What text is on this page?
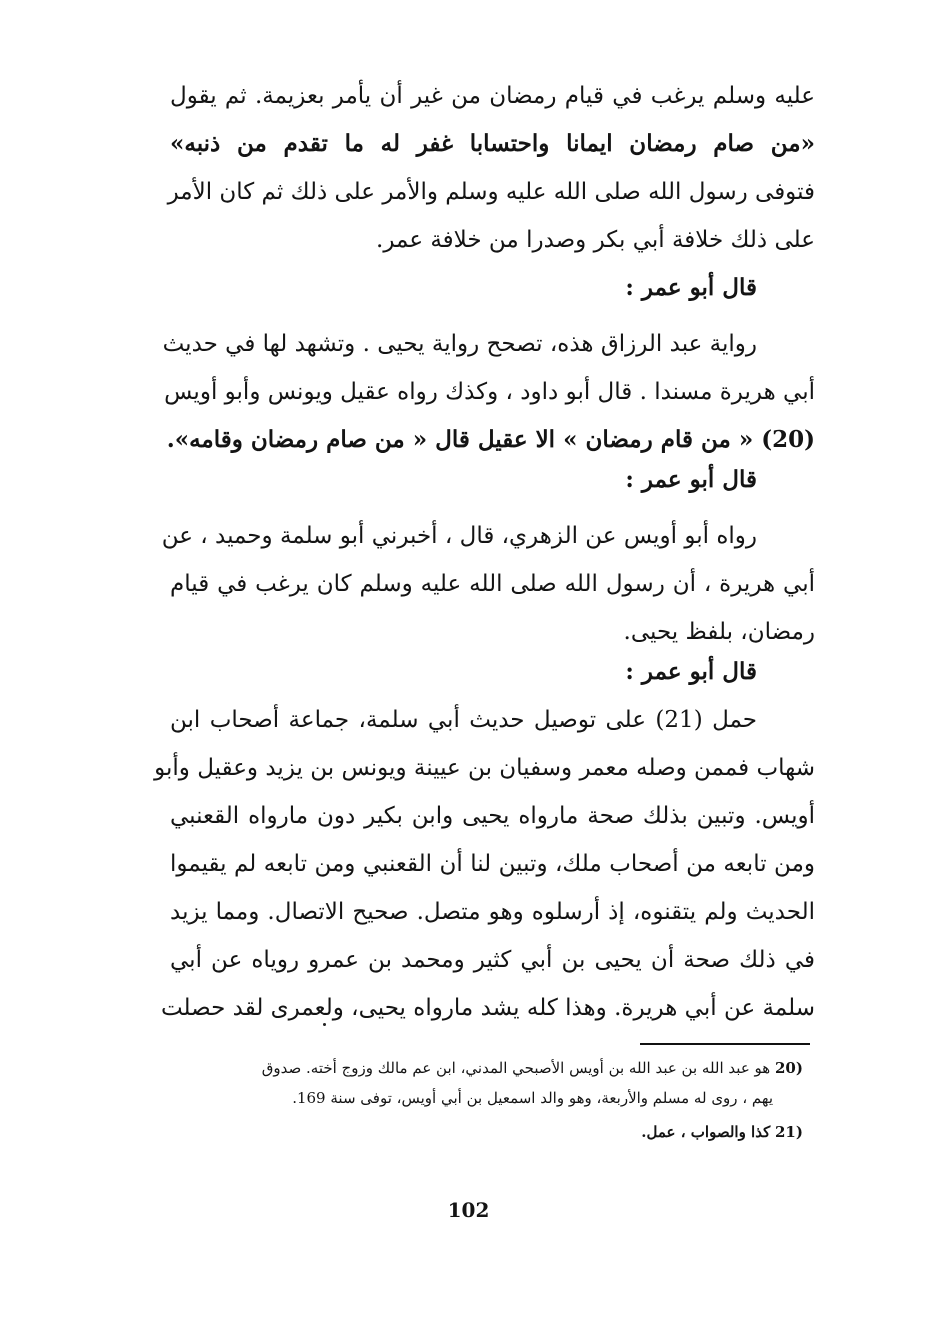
عليه وسلم يرغب في قيام رمضان من غير أن يأمر بعزيمة. ثم يقول
«من صام رمضان ايمانا واحتسابا غفر له ما تقدم من ذنبه»
فتوفى رسول الله صلى الله عليه وسلم والأمر على ذلك ثم كان الأمر
على ذلك خلافة أبي بكر وصدرا من خلافة عمر.
قال أبو عمر :
رواية عبد الرزاق هذه، تصحح رواية يحيى . وتشهد لها في حديث
أبي هريرة مسندا . قال أبو داود ، وكذك رواه عقيل ويونس وأبو أويس
(20) « من قام رمضان » الا عقيل قال « من صام رمضان وقامه».
قال أبو عمر :
رواه أبو أويس عن الزهري، قال ، أخبرني أبو سلمة وحميد ، عن
أبي هريرة ، أن رسول الله صلى الله عليه وسلم كان يرغب في قيام
رمضان، بلفظ يحيى.
قال أبو عمر :
حمل (21) على توصيل حديث أبي سلمة، جماعة أصحاب ابن
شهاب فممن وصله معمر وسفيان بن عيينة ويونس بن يزيد وعقيل وأبو
أويس. وتبين بذلك صحة مارواه يحيى وابن بكير دون مارواه القعنبي
ومن تابعه من أصحاب ملك، وتبين لنا أن القعنبي ومن تابعه لم يقيموا
الحديث ولم يتقنوه، إذ أرسلوه وهو متصل. صحيح الاتصال. ومما يزيد
في ذلك صحة أن يحيى بن أبي كثير ومحمد بن عمرو روياه عن أبي
سلمة عن أبي هريرة. وهذا كله يشد مارواه يحيى، ولعمرى لقد حصلت
20) هو عبد الله بن عبد الله بن أويس الأصبحي المدني، ابن عم مالك وزوج أخته. صدوق
يهم ، روى له مسلم والأربعة، وهو والد اسمعيل بن أبي أويس، توفى سنة 169.
21) كذا والصواب ، عمل.
102
